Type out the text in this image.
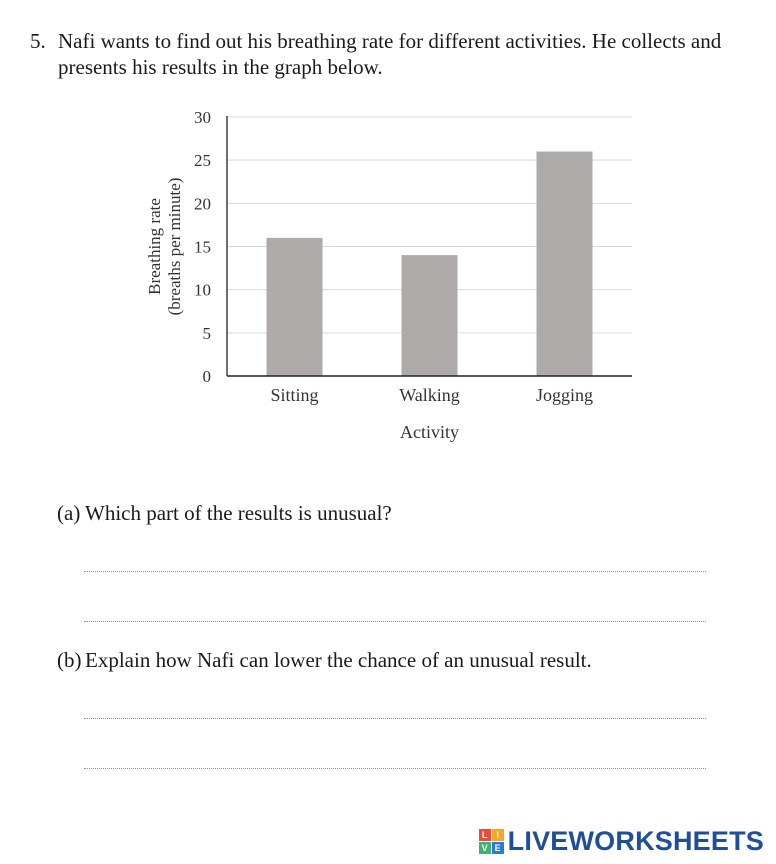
5. Nafi wants to find out his breathing rate for different activities. He collects and
presents his results in the graph below.
0
5
10
15
20
25
30
Sitting	Walking	Jogging
Activity
Breathing rate (breaths per minute)
(a) Which part of the results is unusual?
(b) Explain how Nafi can lower the chance of an unusual result.
L I
V E LIVEWORKSHEETS
